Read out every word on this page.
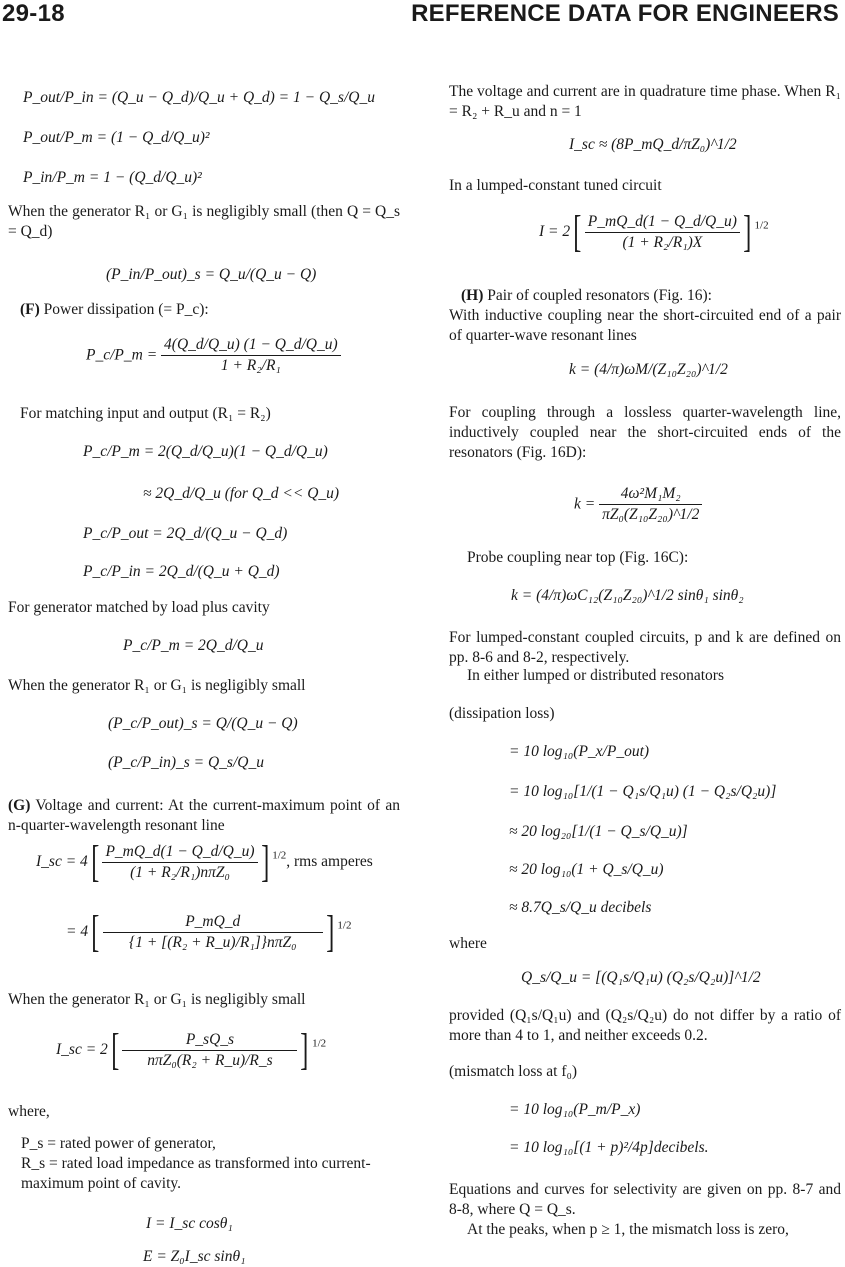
29-18	REFERENCE DATA FOR ENGINEERS
P_out/P_in = (Q_u − Q_d)/Q_u + Q_d) = 1 − Q_s/Q_u
P_out/P_m = (1 − Q_d/Q_u)²
P_in/P_m = 1 − (Q_d/Q_u)²
When the generator R₁ or G₁ is negligibly small (then Q = Q_s = Q_d)
(P_in/P_out)_s = Q_u/(Q_u − Q)
(F) Power dissipation (= P_c):
P_c/P_m = $\frac{4(Q\_d/Q\_u) (1 - Q\_d/Q\_u)}{\text{1 + R₂/R₁}}$
For matching input and output (R₁ = R₂)
P_c/P_m = 2(Q_d/Q_u)(1 − Q_d/Q_u)
≈ 2Q_d/Q_u (for Q_d << Q_u)
P_c/P_out = 2Q_d/(Q_u − Q_d)
P_c/P_in = 2Q_d/(Q_u + Q_d)
For generator matched by load plus cavity
P_c/P_m = 2Q_d/Q_u
When the generator R₁ or G₁ is negligibly small
(P_c/P_out)_s = Q/(Q_u − Q)
(P_c/P_in)_s = Q_s/Q_u
(G) Voltage and current: At the current-maximum point of an n-quarter-wavelength resonant line
I_sc = $4[ \frac{P\_mQ\_d(1 - Q\_d/Q\_u)}{\text{(1 + R₂/R₁)nπZ₀}}$ ] $^{1/2}$, rms amperes
= $4[ \frac{P\_mQ\_d}{\text{\{1 + [(R₂ + R\_u)/R₁]\}nπZ₀}}$ ] $^{1/2}$
When the generator R₁ or G₁ is negligibly small
I_sc = $2[ \frac{P\_sQ\_s}{\text{nπZ₀(R₂ + R\_u)/R\_s}}$ ] $^{1/2}$
where,
P_s = rated power of generator,
R_s = rated load impedance as transformed into current-maximum point of cavity.
I = I_sc cosθ₁
E = Z₀I_sc sinθ₁
The voltage and current are in quadrature time phase. When R₁ = R₂ + R_u and n = 1
I_sc ≈ (8P_mQ_d/πZ₀)^1/2
In a lumped-constant tuned circuit
$I = 2[ \frac{P\_mQ\_d(1 - Q\_d/Q\_u)}{\text{(1 + R₂/R₁)X}}$ ] $^{1/2}$
(H) Pair of coupled resonators (Fig. 16):
With inductive coupling near the short-circuited end of a pair of quarter-wave resonant lines
k = (4/π)ωM/(Z₁₀Z₂₀)^1/2
For coupling through a lossless quarter-wavelength line, inductively coupled near the short-circuited ends of the resonators (Fig. 16D):
$k = \frac{\text{4ω²M₁M₂}}{\text{πZ₀(Z₁₀Z₂₀)\textasciicircum{}1/2}}$
Probe coupling near top (Fig. 16C):
k = (4/π)ωC₁₂(Z₁₀Z₂₀)^1/2 sinθ₁ sinθ₂
For lumped-constant coupled circuits, p and k are defined on pp. 8-6 and 8-2, respectively.
In either lumped or distributed resonators
(dissipation loss)
= 10 log₁₀(P_x/P_out)
= 10 log₁₀[1/(1 − Q₁s/Q₁u) (1 − Q₂s/Q₂u)]
≈ 20 log₂₀[1/(1 − Q_s/Q_u)]
≈ 20 log₁₀(1 + Q_s/Q_u)
≈ 8.7Q_s/Q_u decibels
where
Q_s/Q_u = [(Q₁s/Q₁u) (Q₂s/Q₂u)]^1/2
provided (Q₁s/Q₁u) and (Q₂s/Q₂u) do not differ by a ratio of more than 4 to 1, and neither exceeds 0.2.
(mismatch loss at f₀)
= 10 log₁₀(P_m/P_x)
= 10 log₁₀[(1 + p)²/4p]decibels.
Equations and curves for selectivity are given on pp. 8-7 and 8-8, where Q = Q_s.
At the peaks, when p ≥ 1, the mismatch loss is zero,
